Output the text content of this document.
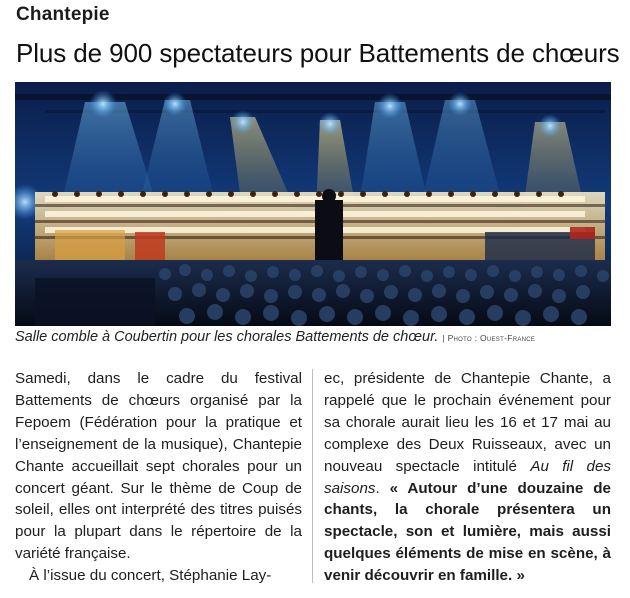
Chantepie
Plus de 900 spectateurs pour Battements de chœurs
Salle comble à Coubertin pour les chorales Battements de chœur. | Photo : Ouest-France

Samedi, dans le cadre du festival Battements de chœurs organisé par la Fepoem (Fédération pour la pratique et l’enseignement de la musique), Chantepie Chante accueillait sept chorales pour un concert géant. Sur le thème de Coup de soleil, elles ont interprété des titres puisés pour la plupart dans le répertoire de la variété française.

À l’issue du concert, Stéphanie Lay-

ec, présidente de Chantepie Chante, a rappelé que le prochain événement pour sa chorale aurait lieu les 16 et 17 mai au complexe des Deux Ruisseaux, avec un nouveau spectacle intitulé Au fil des saisons. « Autour d’une douzaine de chants, la chorale présentera un spectacle, son et lumière, mais aussi quelques éléments de mise en scène, à venir découvrir en famille. »
